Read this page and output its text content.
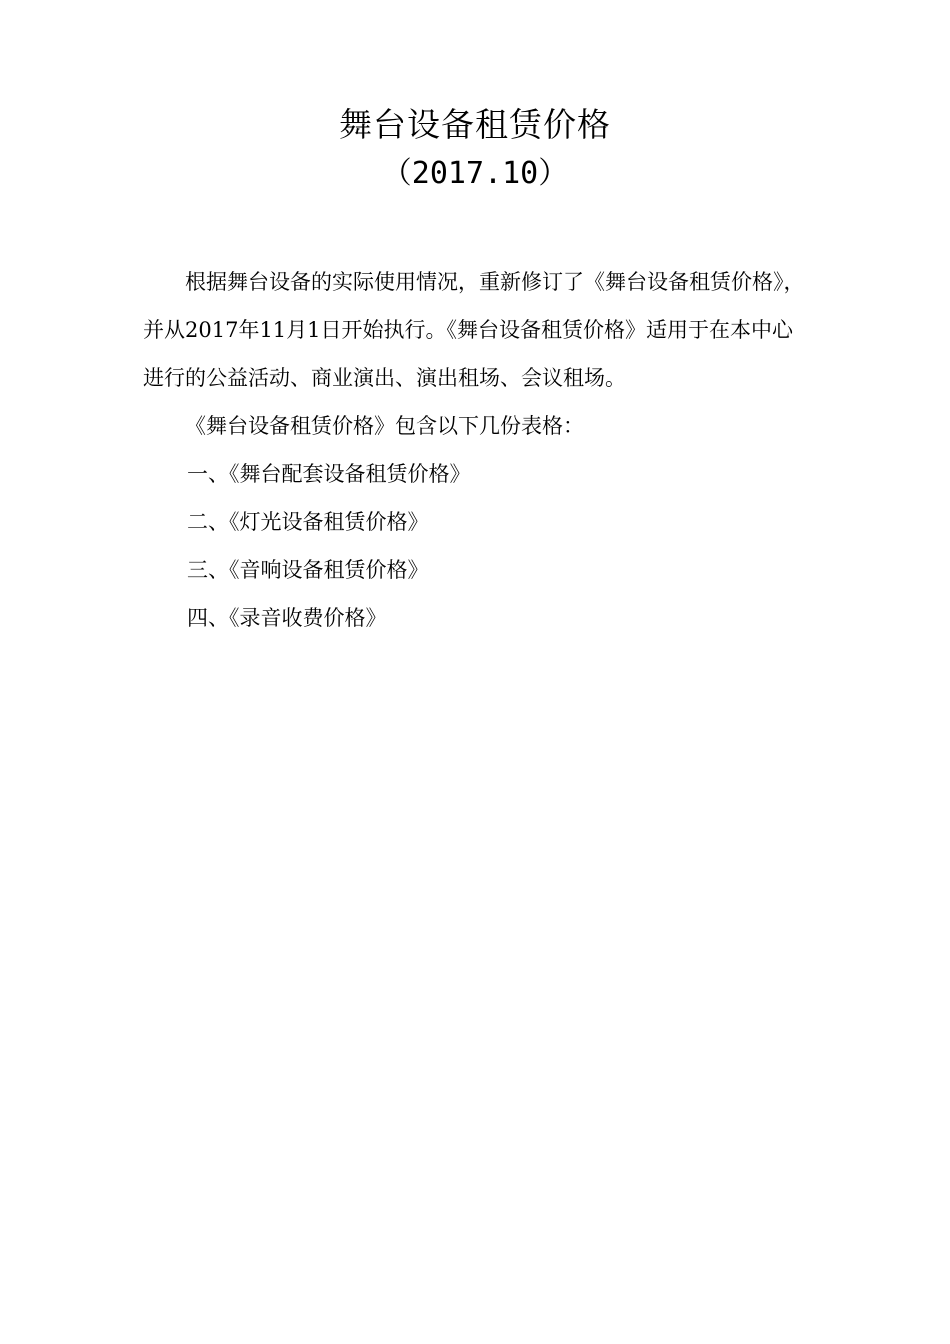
舞台设备租赁价格
（2017.10）

根据舞台设备的实际使用情况，重新修订了《舞台设备租赁价格》，并从2017年11月1日开始执行。《舞台设备租赁价格》适用于在本中心进行的公益活动、商业演出、演出租场、会议租场。

《舞台设备租赁价格》包含以下几份表格：

一、《舞台配套设备租赁价格》

二、《灯光设备租赁价格》

三、《音响设备租赁价格》

四、《录音收费价格》
